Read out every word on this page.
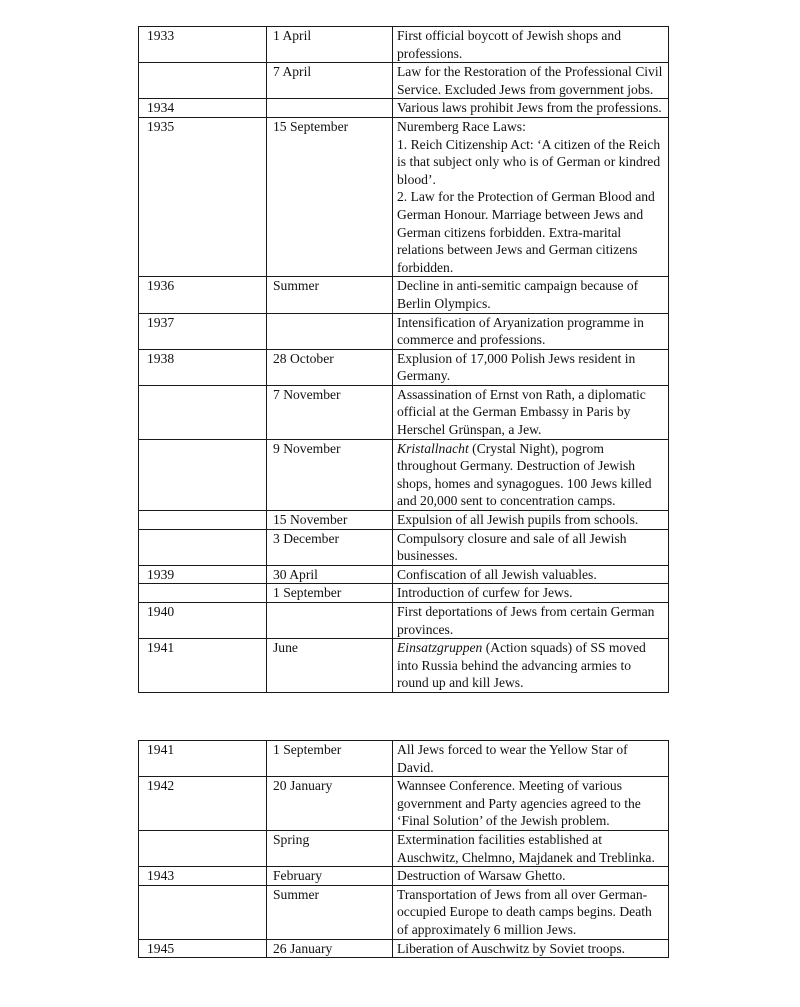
1933	1 April	First official boycott of Jewish shops and professions.
	7 April	Law for the Restoration of the Professional Civil Service. Excluded Jews from government jobs.
1934		Various laws prohibit Jews from the professions.
1935	15 September	Nuremberg Race Laws:
1. Reich Citizenship Act: ‘A citizen of the Reich is that subject only who is of German or kindred blood’.
2. Law for the Protection of German Blood and German Honour. Marriage between Jews and German citizens forbidden. Extra-marital relations between Jews and German citizens forbidden.

1936	Summer	Decline in anti-semitic campaign because of Berlin Olympics.
1937		Intensification of Aryanization programme in commerce and professions.
1938	28 October	Explusion of 17,000 Polish Jews resident in Germany.
	7 November	Assassination of Ernst von Rath, a diplomatic official at the German Embassy in Paris by Herschel Grünspan, a Jew.
	9 November	Kristallnacht (Crystal Night), pogrom throughout Germany. Destruction of Jewish shops, homes and synagogues. 100 Jews killed and 20,000 sent to concentration camps.
	15 November	Expulsion of all Jewish pupils from schools.
	3 December	Compulsory closure and sale of all Jewish businesses.
1939	30 April	Confiscation of all Jewish valuables.
	1 September	Introduction of curfew for Jews.
1940		First deportations of Jews from certain German provinces.
1941	June	Einsatzgruppen (Action squads) of SS moved into Russia behind the advancing armies to round up and kill Jews.
1941	1 September	All Jews forced to wear the Yellow Star of David.
1942	20 January	Wannsee Conference. Meeting of various government and Party agencies agreed to the ‘Final Solution’ of the Jewish problem.
	Spring	Extermination facilities established at Auschwitz, Chelmno, Majdanek and Treblinka.
1943	February	Destruction of Warsaw Ghetto.
	Summer	Transportation of Jews from all over German-occupied Europe to death camps begins. Death of approximately 6 million Jews.
1945	26 January	Liberation of Auschwitz by Soviet troops.
